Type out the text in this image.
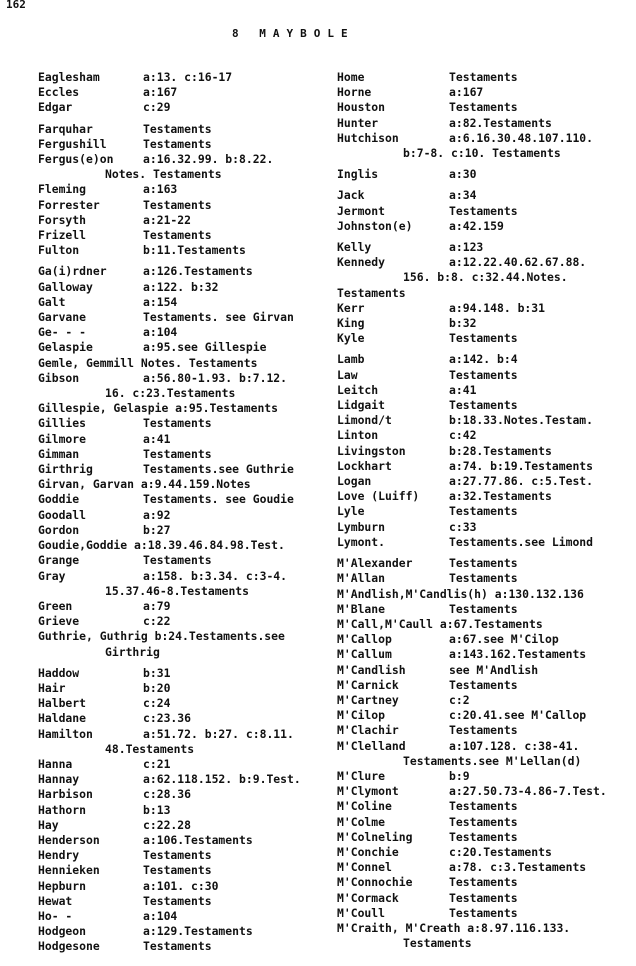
162
8 MAYBOLE
Eaglesham	a:13. c:16-17
Eccles	a:167
Edgar	c:29
Farquhar	Testaments
Fergushill	Testaments
Fergus(e)on	a:16.32.99. b:8.22.
Notes. Testaments
Fleming	a:163
Forrester	Testaments
Forsyth	a:21-22
Frizell	Testaments
Fulton	b:11.Testaments
Ga(i)rdner	a:126.Testaments
Galloway	a:122. b:32
Galt	a:154
Garvane	Testaments. see Girvan
Ge- - -	a:104
Gelaspie	a:95.see Gillespie
Gemle, Gemmill Notes. Testaments
Gibson	a:56.80-1.93. b:7.12.
16. c:23.Testaments
Gillespie, Gelaspie a:95.Testaments
Gillies	Testaments
Gilmore	a:41
Gimman	Testaments
Girthrig	Testaments.see Guthrie
Girvan, Garvan a:9.44.159.Notes
Goddie	Testaments. see Goudie
Goodall	a:92
Gordon	b:27
Goudie,Goddie a:18.39.46.84.98.Test.
Grange	Testaments
Gray	a:158. b:3.34. c:3-4.
15.37.46-8.Testaments
Green	a:79
Grieve	c:22
Guthrie, Guthrig b:24.Testaments.see
Girthrig
Haddow	b:31
Hair	b:20
Halbert	c:24
Haldane	c:23.36
Hamilton	a:51.72. b:27. c:8.11.
48.Testaments
Hanna	c:21
Hannay	a:62.118.152. b:9.Test.
Harbison	c:28.36
Hathorn	b:13
Hay	c:22.28
Henderson	a:106.Testaments
Hendry	Testaments
Hennieken	Testaments
Hepburn	a:101. c:30
Hewat	Testaments
Ho- -	a:104
Hodgeon	a:129.Testaments
Hodgesone	Testaments
Home	Testaments
Horne	a:167
Houston	Testaments
Hunter	a:82.Testaments
Hutchison	a:6.16.30.48.107.110.
b:7-8. c:10. Testaments
Inglis	a:30
Jack	a:34
Jermont	Testaments
Johnston(e)	a:42.159
Kelly	a:123
Kennedy	a:12.22.40.62.67.88.
156. b:8. c:32.44.Notes.
Testaments
Kerr	a:94.148. b:31
King	b:32
Kyle	Testaments
Lamb	a:142. b:4
Law	Testaments
Leitch	a:41
Lidgait	Testaments
Limond/t	b:18.33.Notes.Testam.
Linton	c:42
Livingston	b:28.Testaments
Lockhart	a:74. b:19.Testaments
Logan	a:27.77.86. c:5.Test.
Love (Luiff)	a:32.Testaments
Lyle	Testaments
Lymburn	c:33
Lymont.	Testaments.see Limond
M'Alexander	Testaments
M'Allan	Testaments
M'Andlish,M'Candlis(h) a:130.132.136
M'Blane	Testaments
M'Call,M'Caull a:67.Testaments
M'Callop	a:67.see M'Cilop
M'Callum	a:143.162.Testaments
M'Candlish	see M'Andlish
M'Carnick	Testaments
M'Cartney	c:2
M'Cilop	c:20.41.see M'Callop
M'Clachir	Testaments
M'Clelland	a:107.128. c:38-41.
Testaments.see M'Lellan(d)
M'Clure	b:9
M'Clymont	a:27.50.73-4.86-7.Test.
M'Coline	Testaments
M'Colme	Testaments
M'Colneling	Testaments
M'Conchie	c:20.Testaments
M'Connel	a:78. c:3.Testaments
M'Connochie	Testaments
M'Cormack	Testaments
M'Coull	Testaments
M'Craith, M'Creath a:8.97.116.133.
Testaments
